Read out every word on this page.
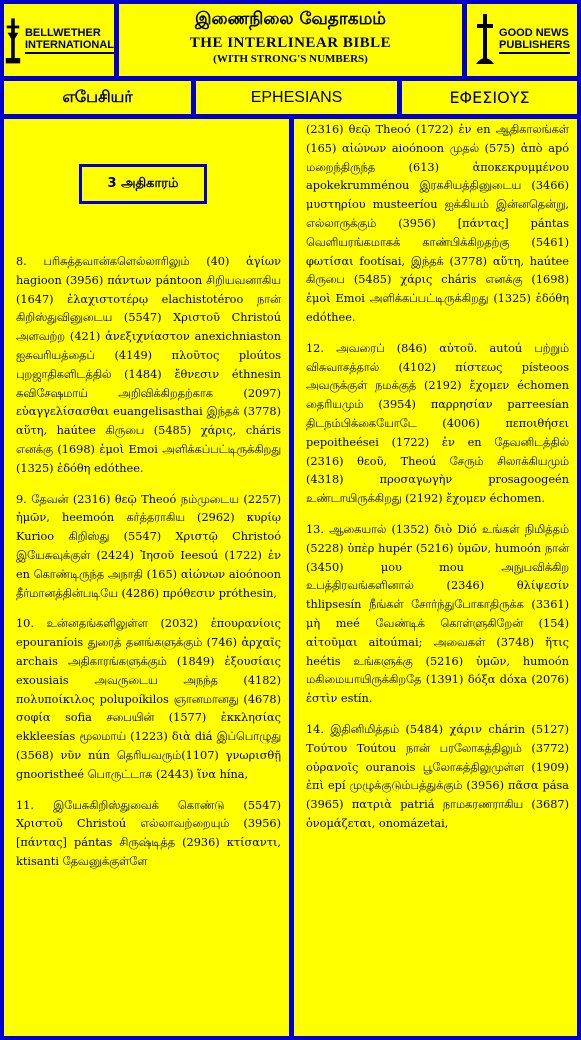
BELLWETHER
INTERNATIONAL
இணைநிலை வேதாகமம்
THE INTERLINEAR BIBLE
(WITH STRONG'S NUMBERS)
GOOD NEWS
PUBLISHERS
எபேசியர்	EPHESIANS	ΕΦΕΣΙΟΥΣ
3 அதிகாரம்

8. பரிசுத்தவான்களெல்லாரிலும் (40) ἁγίων hagioon (3956) πάντων pántoon சிறியவனாகிய (1647) ἐλαχιστοτέρῳ elachistotéroo நான் கிறிஸ்துவினுடைய (5547) Χριστοῦ Christoú அளவற்ற (421) ἀνεξιχνίαστον anexichniaston ஐசுவரியத்தைப் (4149) πλοῦτος ploútos புறஜாதிகளிடத்தில் (1484) ἔθνεσιν éthnesin சுவிசேஷமாய் அறிவிக்கிறதற்காக (2097) εὐαγγελίσασθαι euangelisasthai இந்தக் (3778) αὕτη, haútee கிருபை (5485) χάρις, cháris எனக்கு (1698) ἐμοὶ Emoi அளிக்கப்பட்டிருக்கிறது (1325) ἐδόθη edóthee.

9. தேவன் (2316) θεῷ Theoó நம்முடைய (2257) ἡμῶν, heemoón கர்த்தராகிய (2962) κυρίῳ Kurioo கிறிஸ்து (5547) Χριστῷ Christoó இயேசுவுக்குள் (2424) Ἰησοῦ Ieesoú (1722) ἐν en கொண்டிருந்த அநாதி (165) αἰώνων aioónoon தீர்மானத்தின்படியே (4286) πρόθεσιν próthesin,

10. உன்னதங்களிலுள்ள (2032) ἐπουρανίοις epouraníois துரைத் தனங்களுக்கும் (746) ἀρχαῖς archais அதிகாரங்களுக்கும் (1849) ἐξουσίαις exousiais அவருடைய அநந்த (4182) πολυποίκιλος polupoíkilos ஞானமானது (4678) σοφία sofia சபையின் (1577) ἐκκλησίας ekkleesías மூலமாய் (1223) διὰ diá இப்பொழுது (3568) νῦν nún தெரியவரும்(1107) γνωρισθῇ gnooristheé பொருட்டாக (2443) ἵνα hína,

11. இயேசுகிறிஸ்துவைக் கொண்டு (5547) Χριστοῦ Christoú எல்லாவற்றையும் (3956) [πάντας] pántas சிருஷ்டித்த (2936) κτίσαντι, ktisanti தேவனுக்குள்ளே

(2316) θεῷ Theoó (1722) ἐν en ஆதிகாலங்கள் (165) αἰώνων aioónoon முதல் (575) ἀπὸ apó மறைந்திருந்த (613) ἀποκεκρυμμένου apokekrumménou இரகசியத்தினுடைய (3466) μυστηρίου musteeríou ஐக்கியம் இன்னதென்று, எல்லாருக்கும் (3956) [πάντας] pántas வெளியரங்கமாகக் காண்பிக்கிறதற்கு (5461) φωτίσαι footísai, இந்தக் (3778) αὕτη, haútee கிருபை (5485) χάρις cháris எனக்கு (1698) ἐμοὶ Emoi அளிக்கப்பட்டிருக்கிறது (1325) ἐδόθη edóthee.

12. அவரைப் (846) αὐτοῦ. autoú பற்றும் விசுவாசத்தால் (4102) πίστεως písteoos அவருக்குள் நமக்குத் (2192) ἔχομεν échomen தைரியமும் (3954) παρρησίαν parreesían திடநம்பிக்கையோடே (4006) πεποιθήσει pepoitheései (1722) ἐν en தேவனிடத்தில் (2316) θεοῦ, Theoú சேரும் சிலாக்கியமும் (4318) προσαγωγὴν prosagoogeén உண்டாயிருக்கிறது (2192) ἔχομεν échomen.

13. ஆகையால் (1352) διὸ Dió உங்கள் நிமித்தம் (5228) ὑπὲρ hupér (5216) ὑμῶν, humoón நான் (3450) μου mou அநுபவிக்கிற உபத்திரவங்களினால் (2346) θλίψεσίν thlipsesín நீங்கள் சோர்ந்துபோகாதிருக்க (3361) μὴ meé வேண்டிக் கொள்ளுகிறேன் (154) αἰτοῦμαι aitoúmai; அவைகள் (3748) ἥτις heétis உங்களுக்கு (5216) ὑμῶν, humoón மகிமையாயிருக்கிறதே (1391) δόξα dóxa (2076) ἐστὶν estín.

14. இதினிமித்தம் (5484) χάριν chárin (5127) Τούτου Toútou நான் பரலோகத்திலும் (3772) οὐρανοῖς ouranois பூலோகத்திலுமுள்ள (1909) ἐπὶ epí முழுக்குடும்பத்துக்கும் (3956) πᾶσα pása (3965) πατριὰ patriá நாமகரணராகிய (3687) ὀνομάζεται, onomázetai,
